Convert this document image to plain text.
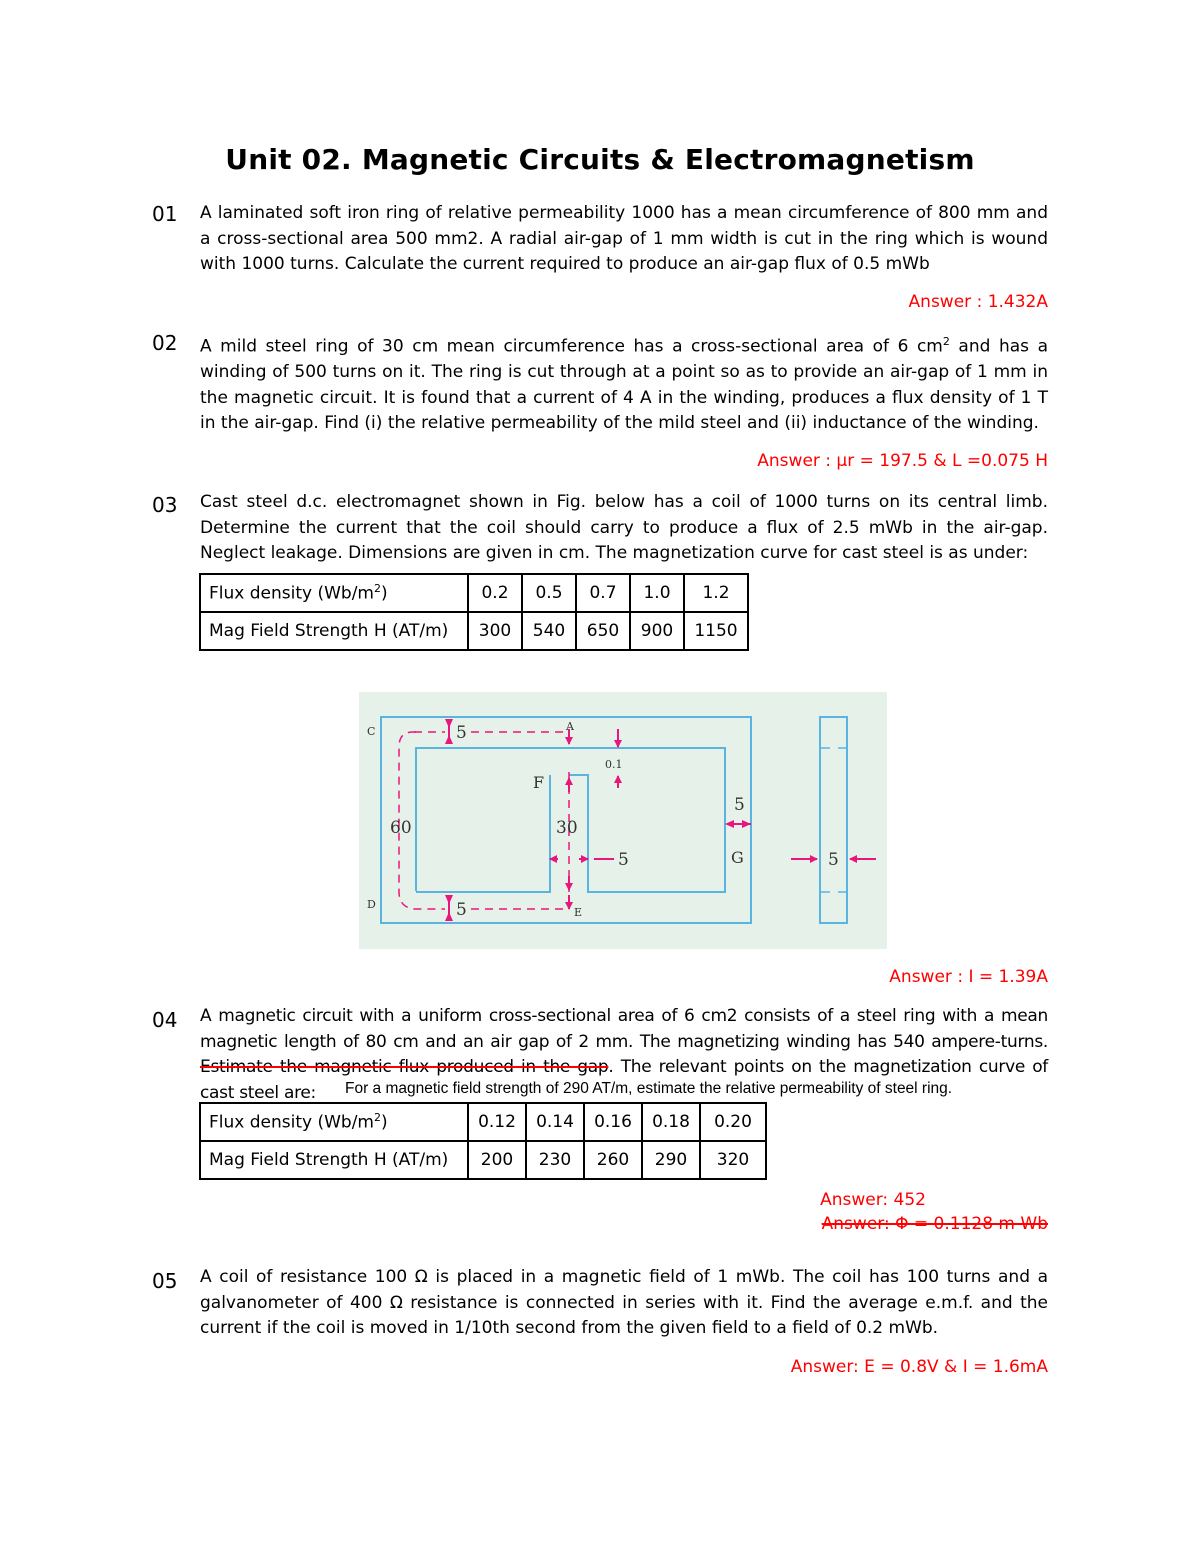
Unit 02. Magnetic Circuits & Electromagnetism
01 A laminated soft iron ring of relative permeability 1000 has a mean circumference of 800 mm and a cross-sectional area 500 mm2. A radial air-gap of 1 mm width is cut in the ring which is wound with 1000 turns. Calculate the current required to produce an air-gap flux of 0.5 mWb
Answer : 1.432A
02 A mild steel ring of 30 cm mean circumference has a cross-sectional area of 6 $cm^2$ and has a winding of 500 turns on it. The ring is cut through at a point so as to provide an air-gap of 1 mm in the magnetic circuit. It is found that a current of 4 A in the winding, produces a flux density of 1 T in the air-gap. Find (i) the relative permeability of the mild steel and (ii) inductance of the winding.
Answer : μr = 197.5 & L =0.075 H
03 Cast steel d.c. electromagnet shown in Fig. below has a coil of 1000 turns on its central limb. Determine the current that the coil should carry to produce a flux of 2.5 mWb in the air-gap. Neglect leakage. Dimensions are given in cm. The magnetization curve for cast steel is as under:
Flux density $(Wb/m^2)$	0.2	0.5	0.7	1.0	1.2
Mag Field Strength H (AT/m)	300	540	650	900	1150
C
D
A
E
F
G
5
5
0.1
5
60	30
5	5
Answer : I = 1.39A
04 A magnetic circuit with a uniform cross-sectional area of 6 cm2 consists of a steel ring with a mean magnetic length of 80 cm and an air gap of 2 mm. The magnetizing winding has 540 ampere-turns. Estimate the magnetic flux produced in the gap. The relevant points on the magnetization curve of cast steel are:	For a magnetic field strength of 290 AT/m, estimate the relative permeability of steel ring.
Flux density $(Wb/m^2)$	0.12	0.14	0.16	0.18	0.20
Mag Field Strength H (AT/m)	200	230	260	290	320
Answer: 452
Answer: Φ = 0.1128 m Wb
05 A coil of resistance 100 Ω is placed in a magnetic field of 1 mWb. The coil has 100 turns and a galvanometer of 400 Ω resistance is connected in series with it. Find the average e.m.f. and the current if the coil is moved in 1/10th second from the given field to a field of 0.2 mWb.
Answer: E = 0.8V & I = 1.6mA
